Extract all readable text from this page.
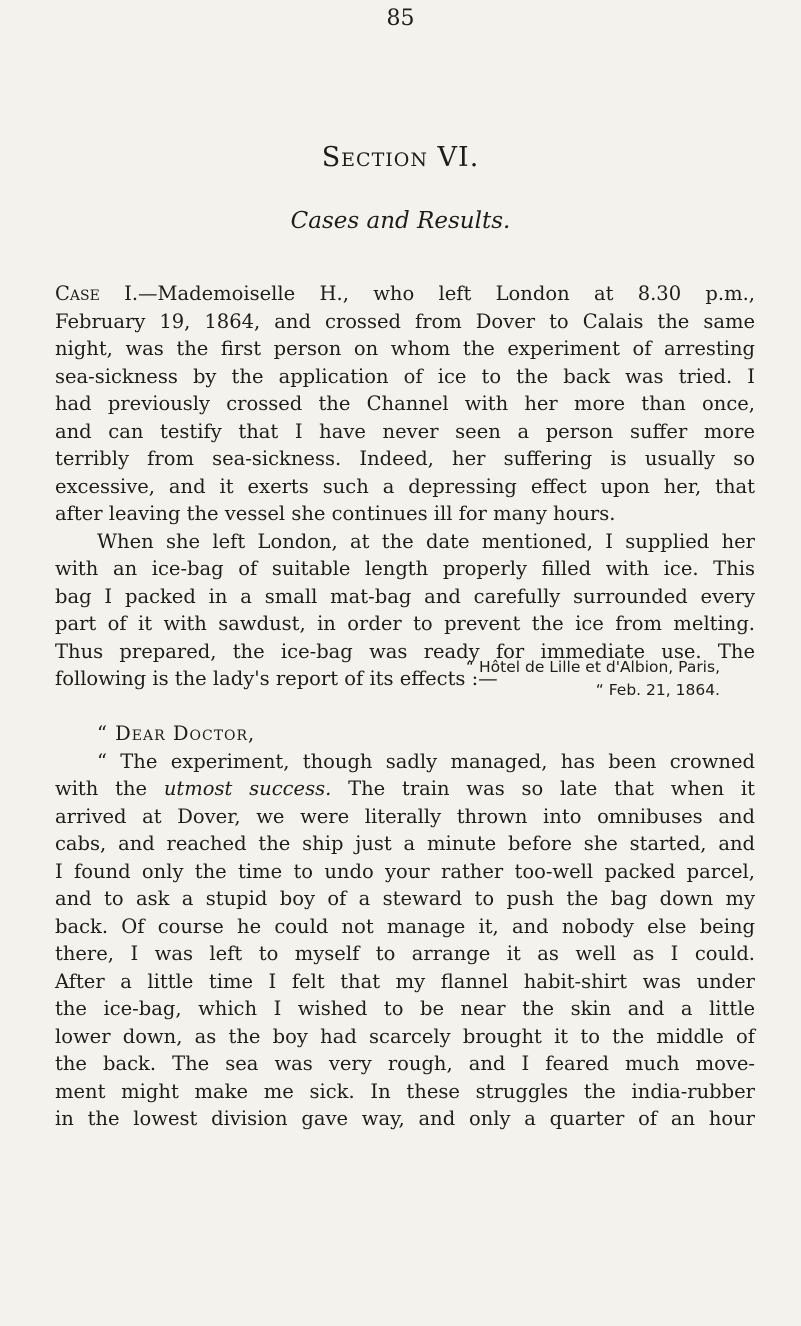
85
Section VI.
Cases and Results.
Case I.—Mademoiselle H., who left London at 8.30 p.m.,
February 19, 1864, and crossed from Dover to Calais the same
night, was the first person on whom the experiment of arresting
sea-sickness by the application of ice to the back was tried. I
had previously crossed the Channel with her more than once,
and can testify that I have never seen a person suffer more
terribly from sea-sickness. Indeed, her suffering is usually so
excessive, and it exerts such a depressing effect upon her, that
after leaving the vessel she continues ill for many hours.
When she left London, at the date mentioned, I supplied her
with an ice-bag of suitable length properly filled with ice. This
bag I packed in a small mat-bag and carefully surrounded every
part of it with sawdust, in order to prevent the ice from melting.
Thus prepared, the ice-bag was ready for immediate use. The
following is the lady's report of its effects :—
“ Hôtel de Lille et d'Albion, Paris,
“ Feb. 21, 1864.
“ Dear Doctor,
“ The experiment, though sadly managed, has been crowned
with the utmost success. The train was so late that when it
arrived at Dover, we were literally thrown into omnibuses and
cabs, and reached the ship just a minute before she started, and
I found only the time to undo your rather too-well packed parcel,
and to ask a stupid boy of a steward to push the bag down my
back. Of course he could not manage it, and nobody else being
there, I was left to myself to arrange it as well as I could.
After a little time I felt that my flannel habit-shirt was under
the ice-bag, which I wished to be near the skin and a little
lower down, as the boy had scarcely brought it to the middle of
the back. The sea was very rough, and I feared much move-
ment might make me sick. In these struggles the india-rubber
in the lowest division gave way, and only a quarter of an hour
